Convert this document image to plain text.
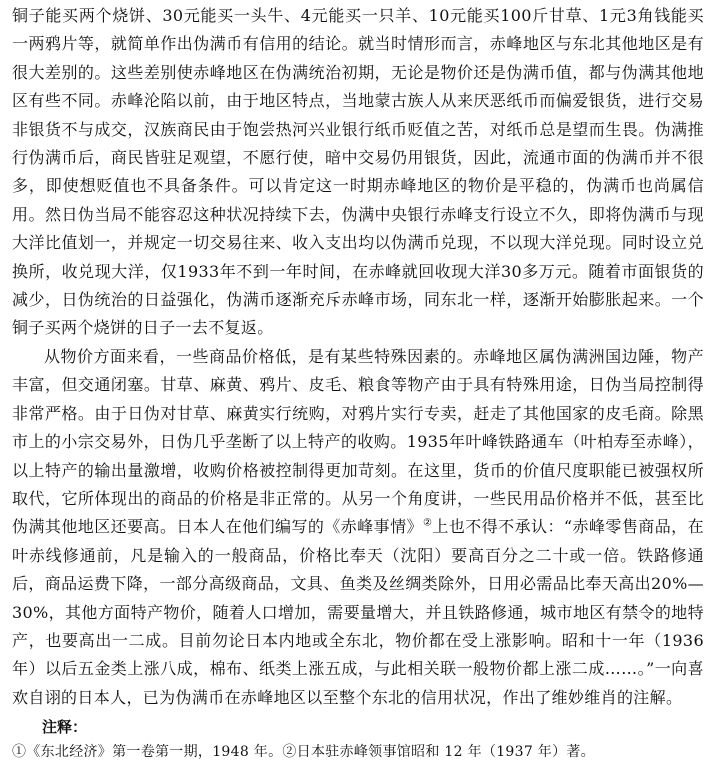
铜子能买两个烧饼、30元能买一头牛、4元能买一只羊、10元能买100斤甘草、1元3角钱能买一两鸦片等，就简单作出伪满币有信用的结论。就当时情形而言，赤峰地区与东北其他地区是有很大差别的。这些差别使赤峰地区在伪满统治初期，无论是物价还是伪满币值，都与伪满其他地区有些不同。赤峰沦陷以前，由于地区特点，当地蒙古族人从来厌恶纸币而偏爱银货，进行交易非银货不与成交，汉族商民由于饱尝热河兴业银行纸币贬值之苦，对纸币总是望而生畏。伪满推行伪满币后，商民皆驻足观望，不愿行使，暗中交易仍用银货，因此，流通市面的伪满币并不很多，即使想贬值也不具备条件。可以肯定这一时期赤峰地区的物价是平稳的，伪满币也尚属信用。然日伪当局不能容忍这种状况持续下去，伪满中央银行赤峰支行设立不久，即将伪满币与现大洋比值划一，并规定一切交易往来、收入支出均以伪满币兑现，不以现大洋兑现。同时设立兑换所，收兑现大洋，仅1933年不到一年时间，在赤峰就回收现大洋30多万元。随着市面银货的减少，日伪统治的日益强化，伪满币逐渐充斥赤峰市场，同东北一样，逐渐开始膨胀起来。一个铜子买两个烧饼的日子一去不复返。

从物价方面来看，一些商品价格低，是有某些特殊因素的。赤峰地区属伪满洲国边陲，物产丰富，但交通闭塞。甘草、麻黄、鸦片、皮毛、粮食等物产由于具有特殊用途，日伪当局控制得非常严格。由于日伪对甘草、麻黄实行统购，对鸦片实行专卖，赶走了其他国家的皮毛商。除黑市上的小宗交易外，日伪几乎垄断了以上特产的收购。1935年叶峰铁路通车（叶柏寿至赤峰），以上特产的输出量激增，收购价格被控制得更加苛刻。在这里，货币的价值尺度职能已被强权所取代，它所体现出的商品的价格是非正常的。从另一个角度讲，一些民用品价格并不低，甚至比伪满其他地区还要高。日本人在他们编写的《赤峰事情》②上也不得不承认：“赤峰零售商品，在叶赤线修通前，凡是输入的一般商品，价格比奉天（沈阳）要高百分之二十或一倍。铁路修通后，商品运费下降，一部分高级商品，文具、鱼类及丝绸类除外，日用必需品比奉天高出20%—30%，其他方面特产物价，随着人口增加，需要量增大，并且铁路修通，城市地区有禁令的地特产，也要高出一二成。目前勿论日本内地或全东北，物价都在受上涨影响。昭和十一年（1936年）以后五金类上涨八成，棉布、纸类上涨五成，与此相关联一般物价都上涨二成……。”一向喜欢自诩的日本人，已为伪满币在赤峰地区以至整个东北的信用状况，作出了维妙维肖的注解。

注释：

①《东北经济》第一卷第一期，1948 年。②日本驻赤峰领事馆昭和 12 年（1937 年）著。
